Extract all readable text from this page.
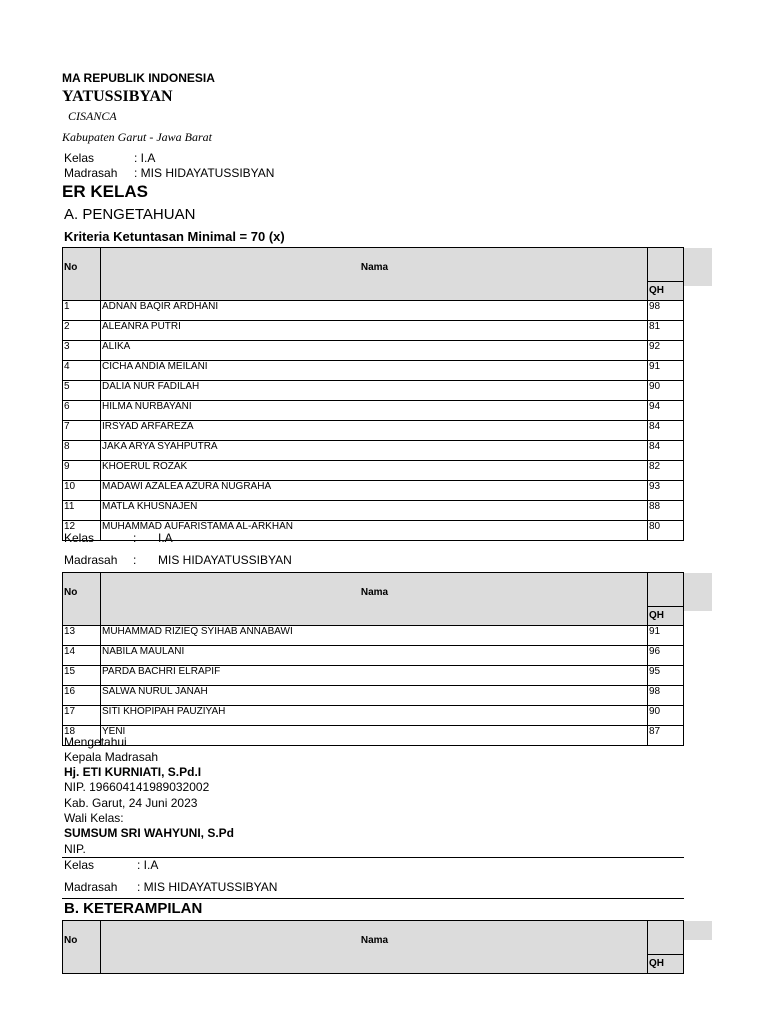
MA REPUBLIK INDONESIA
YATUSSIBYAN
CISANCA
Kabupaten Garut - Jawa Barat
Kelas	: I.A
Madrasah : MIS HIDAYATUSSIBYAN
ER KELAS
A. PENGETAHUAN
Kriteria Ketuntasan Minimal = 70 (x)
No	Nama	QH

1	ADNAN BAQIR ARDHANI	98
2	ALEANRA PUTRI	81
3	ALIKA	92
4	CICHA ANDIA MEILANI	91
5	DALIA NUR FADILAH	90
6	HILMA NURBAYANI	94
7	IRSYAD ARFAREZA	84
8	JAKA ARYA SYAHPUTRA	84
9	KHOERUL ROZAK	82
10	MADAWI AZALEA AZURA NUGRAHA	93
11	MATLA KHUSNAJEN	88
12	MUHAMMAD AUFARISTAMA AL-ARKHAN	80
Kelas	: I.A
Madrasah : MIS HIDAYATUSSIBYAN
No	Nama	QH

13	MUHAMMAD RIZIEQ SYIHAB ANNABAWI	91
14	NABILA MAULANI	96
15	PARDA BACHRI ELRAPIF	95
16	SALWA NURUL JANAH	98
17	SITI KHOPIPAH PAUZIYAH	90
18	YENI	87
Mengetahui
Kepala Madrasah
Hj. ETI KURNIATI, S.Pd.I
NIP. 196604141989032002
Kab. Garut, 24 Juni 2023
Wali Kelas:
SUMSUM SRI WAHYUNI, S.Pd
NIP.
Kelas	: I.A
Madrasah : MIS HIDAYATUSSIBYAN
B. KETERAMPILAN
No	Nama	
QH
